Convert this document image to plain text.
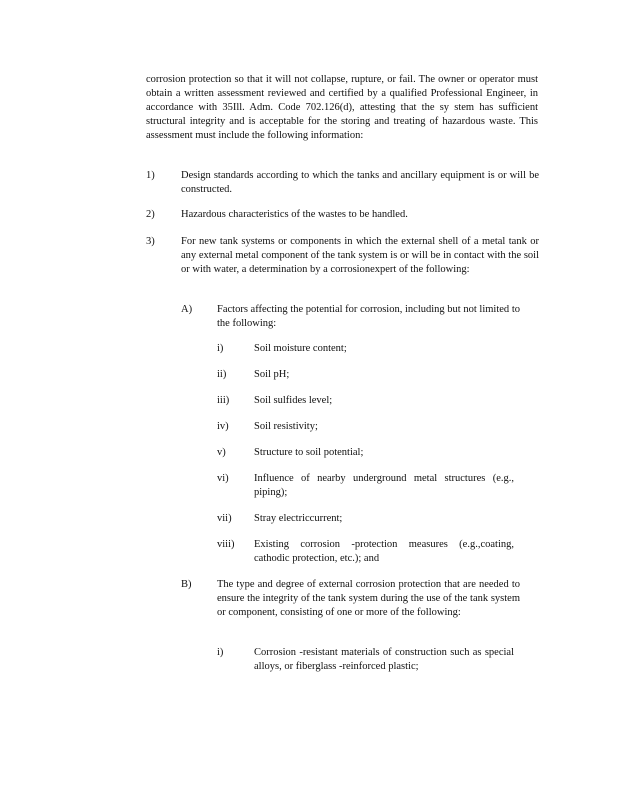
corrosion protection so that it will not collapse, rupture, or fail. The owner or operator must obtain a written assessment reviewed and certified by a qualified Professional Engineer, in accordance with 35Ill. Adm. Code 702.126(d), attesting that the sy stem has sufficient structural integrity and is acceptable for the storing and treating of hazardous waste. This assessment must include the following information:
1)	Design standards according to which the tanks and ancillary equipment is or will be constructed.
2)	Hazardous characteristics of the wastes to be handled.
3)	For new tank systems or components in which the external shell of a metal tank or any external metal component of the tank system is or will be in contact with the soil or with water, a determination by a corrosionexpert of the following:
A) Factors affecting the potential for corrosion, including but not limited to the following:
i)	Soil moisture content;
ii)	Soil pH;
iii) Soil sulfides level;
iv) Soil resistivity;
v)	Structure to soil potential;
vi) Influence of nearby underground metal structures (e.g., piping);
vii) Stray electriccurrent;
viii) Existing corrosion -protection measures (e.g.,coating, cathodic protection, etc.); and
B) The type and degree of external corrosion protection that are needed to ensure the integrity of the tank system during the use of the tank system or component, consisting of one or more of the following:
i)	Corrosion -resistant materials of construction such as special alloys, or fiberglass -reinforced plastic;
